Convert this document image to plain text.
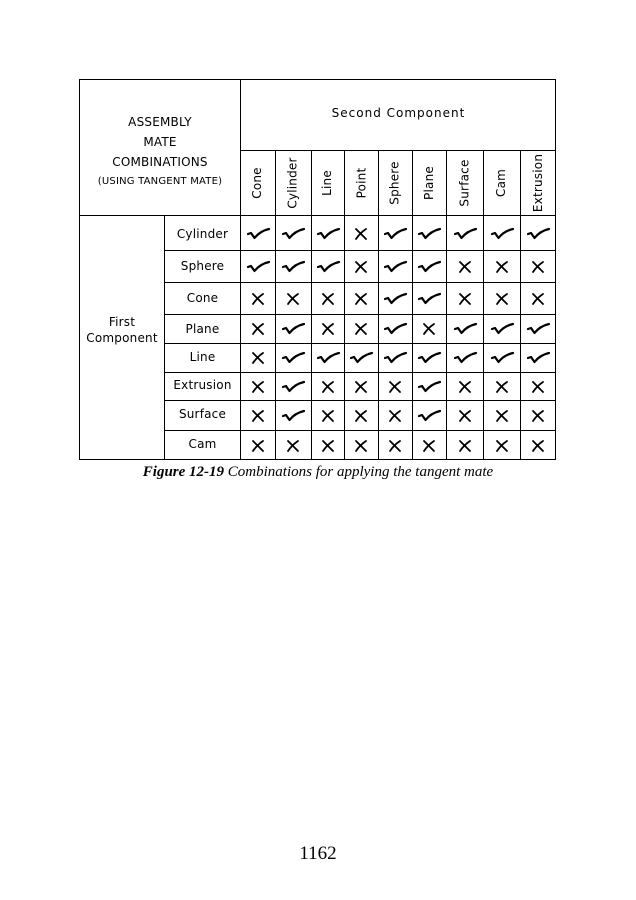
ASSEMBLY
MATE
COMBINATIONS
(USING TANGENT MATE)
Second Component
First
Component
Cone Cylinder Line Point Sphere Plane Surface Cam Extrusion
Cylinder
Sphere
Cone
Plane
Line
Extrusion
Surface
Cam
Figure 12-19 Combinations for applying the tangent mate
1162
